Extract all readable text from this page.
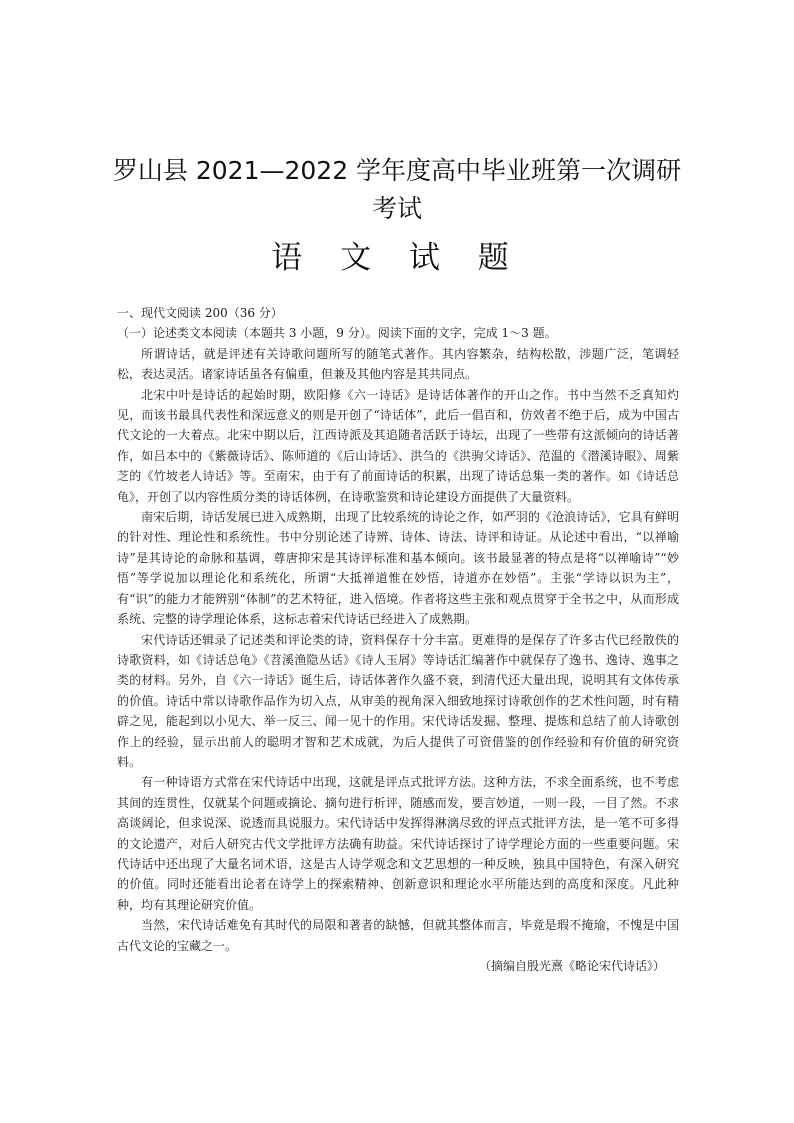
罗山县 2021—2022 学年度高中毕业班第一次调研考试
语 文 试 题

一、现代文阅读 200（36 分）

（一）论述类文本阅读（本题共 3 小题，9 分）。阅读下面的文字，完成 1～3 题。

所谓诗话，就是评述有关诗歌问题所写的随笔式著作。其内容繁杂，结构松散，涉题广泛，笔调轻松，表达灵活。诸家诗话虽各有偏重，但兼及其他内容是其共同点。

北宋中叶是诗话的起始时期，欧阳修《六一诗话》是诗话体著作的开山之作。书中当然不乏真知灼见，而该书最具代表性和深远意义的则是开创了“诗话体”，此后一倡百和，仿效者不绝于后，成为中国古代文论的一大着点。北宋中期以后，江西诗派及其追随者活跃于诗坛，出现了一些带有这派倾向的诗话著作，如吕本中的《紫薇诗话》、陈师道的《后山诗话》、洪刍的《洪驹父诗话》、范温的《潜溪诗眼》、周紫芝的《竹坡老人诗话》等。至南宋，由于有了前面诗话的积累，出现了诗话总集一类的著作。如《诗话总龟》，开创了以内容性质分类的诗话体例，在诗歌鉴赏和诗论建设方面提供了大量资料。

南宋后期，诗话发展已进入成熟期，出现了比较系统的诗论之作，如严羽的《沧浪诗话》，它具有鲜明的针对性、理论性和系统性。书中分别论述了诗辨、诗体、诗法、诗评和诗证。从论述中看出，“以禅喻诗”是其诗论的命脉和基调，尊唐抑宋是其诗评标准和基本倾向。该书最显著的特点是将“以禅喻诗”“妙悟”等学说加以理论化和系统化，所谓“大抵禅道惟在妙悟，诗道亦在妙悟”。主张“学诗以识为主”，有“识”的能力才能辨别“体制”的艺术特征，进入悟境。作者将这些主张和观点贯穿于全书之中，从而形成系统、完整的诗学理论体系，这标志着宋代诗话已经进入了成熟期。

宋代诗话还辑录了记述类和评论类的诗，资料保存十分丰富。更难得的是保存了许多古代已经散佚的诗歌资料，如《诗话总龟》《苕溪渔隐丛话》《诗人玉屑》等诗话汇编著作中就保存了逸书、逸诗、逸事之类的材料。另外，自《六一诗话》诞生后，诗话体著作久盛不衰，到清代还大量出现，说明其有文体传承的价值。诗话中常以诗歌作品作为切入点，从审美的视角深入细致地探讨诗歌创作的艺术性问题，时有精辟之见，能起到以小见大、举一反三、闻一见十的作用。宋代诗话发掘、整理、提炼和总结了前人诗歌创作上的经验，显示出前人的聪明才智和艺术成就，为后人提供了可资借鉴的创作经验和有价值的研究资料。

有一种诗语方式常在宋代诗话中出现，这就是评点式批评方法。这种方法，不求全面系统，也不考虑其间的连贯性，仅就某个问题或摘论、摘句进行析评，随感而发，要言妙道，一则一段，一目了然。不求高谈阔论，但求说深、说透而具说服力。宋代诗话中发挥得淋漓尽致的评点式批评方法，是一笔不可多得的文论遗产，对后人研究古代文学批评方法确有助益。宋代诗话探讨了诗学理论方面的一些重要问题。宋代诗话中还出现了大量名词术语，这是古人诗学观念和文艺思想的一种反映，独具中国特色，有深入研究的价值。同时还能看出论者在诗学上的探索精神、创新意识和理论水平所能达到的高度和深度。凡此种种，均有其理论研究价值。

当然，宋代诗话难免有其时代的局限和著者的缺憾，但就其整体而言，毕竟是瑕不掩瑜，不愧是中国古代文论的宝藏之一。

（摘编自殷光熹《略论宋代诗话》）
